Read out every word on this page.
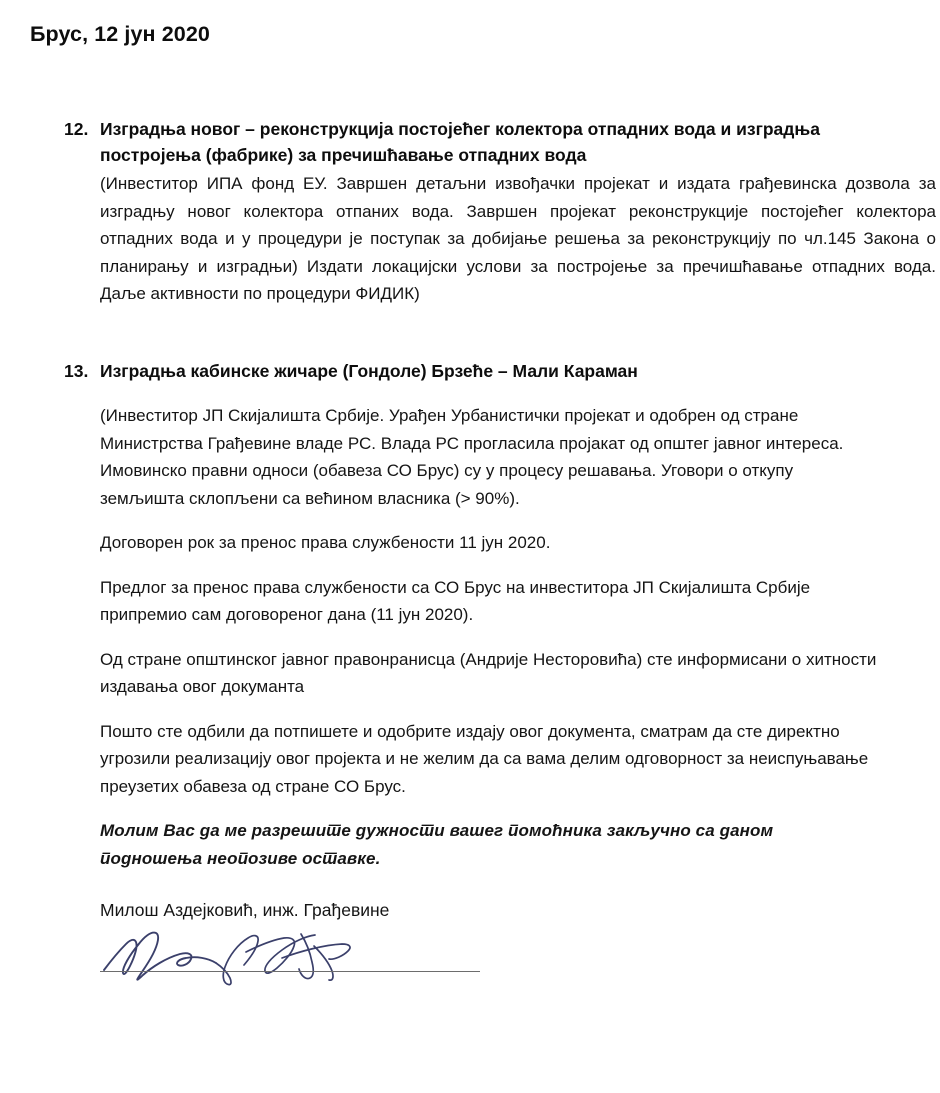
Брус, 12 јун 2020
12. Изградња новог – реконструкција постојећег колектора отпадних вода и изградња постројења (фабрике) за пречишћавање отпадних вода

(Инвеститор ИПА фонд ЕУ. Завршен детаљни извођачки пројекат и издата грађевинска дозвола за изградњу новог колектора отпаних вода. Завршен пројекат реконструкције постојећег колектора отпадних вода и у процедури је поступак за добијање решења за реконструкцију по чл.145 Закона о планирању и изградњи) Издати локацијски услови за постројење за пречишћавање отпадних вода. Даље активности по процедури ФИДИК)

13. Изградња кабинске жичаре (Гондоле) Брзеће – Мали Караман

(Инвеститор ЈП Скијалишта Србије. Урађен Урбанистички пројекат и одобрен од стране Министрства Грађевине владе РС. Влада РС прогласила пројакат од општег јавног интереса. Имовинско правни односи (обавеза СО Брус) су у процесу решавања. Уговори о откупу земљишта склопљени са већином власника (> 90%).

Договорен рок за пренос права службености 11 јун 2020.

Предлог за пренос права службености са СО Брус на инвеститора ЈП Скијалишта Србије припремио сам договореног дана (11 јун 2020).

Од стране општинског јавног правонранисца (Андрије Несторовића) сте информисани о хитности издавања овог докуманта

Пошто сте одбили да потпишете и одобрите издају овог документа, сматрам да сте директно угрозили реализацију овог пројекта и не желим да са вама делим одговорност за неиспуњавање преузетих обавеза од стране СО Брус.

Молим Вас да ме разрешите дужности вашег помоћника закључно са даном подношења неопозиве оставке.

Милош Аздејковић, инж. Грађевине
